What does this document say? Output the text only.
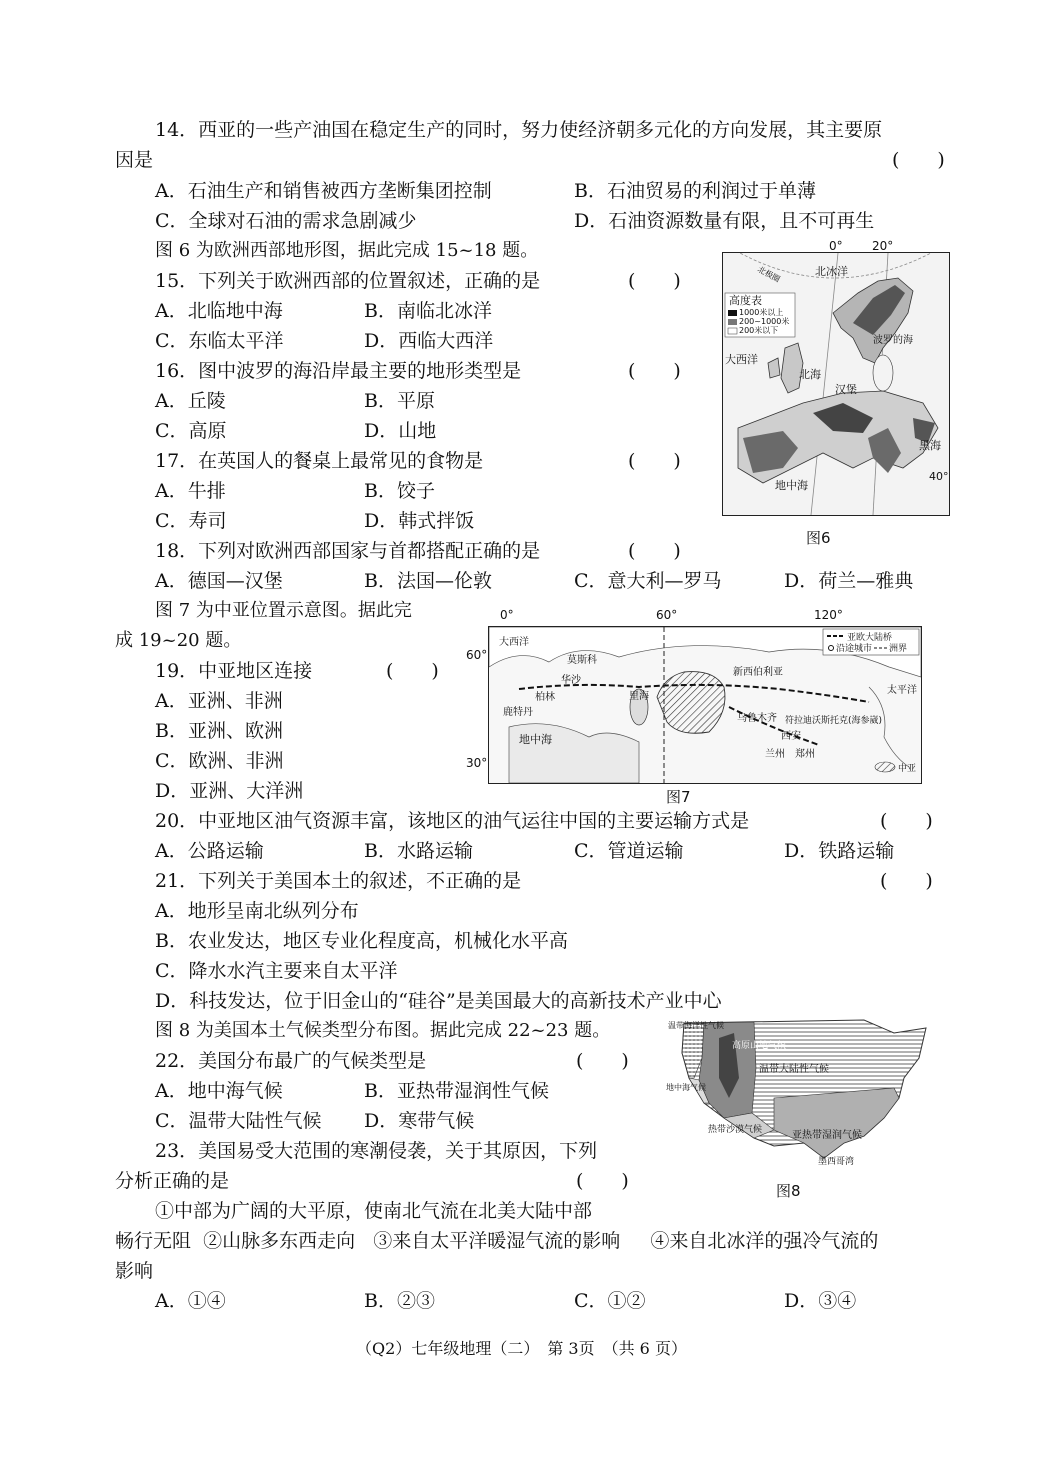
14．西亚的一些产油国在稳定生产的同时，努力使经济朝多元化的方向发展，其主要原
因是	(　　)
A．石油生产和销售被西方垄断集团控制	B．石油贸易的利润过于单薄
C．全球对石油的需求急剧减少	D．石油资源数量有限，且不可再生
图 6 为欧洲西部地形图，据此完成 15~18 题。
15．下列关于欧洲西部的位置叙述，正确的是	(　　)
A．北临地中海	B．南临北冰洋
C．东临太平洋	D．西临大西洋
16．图中波罗的海沿岸最主要的地形类型是	(　　)
A．丘陵	B．平原
C．高原	D．山地
17．在英国人的餐桌上最常见的食物是	(　　)
A．牛排	B．饺子
C．寿司	D．韩式拌饭
18．下列对欧洲西部国家与首都搭配正确的是	(　　)
A．德国—汉堡	B．法国—伦敦	C．意大利—罗马	D．荷兰—雅典
高度表
1000米以上
200~1000米
200米以下
北极圈	北冰洋
大西洋
北海
波罗的海
汉堡
黑海
地中海
40°
图6
0° 20°
图 7 为中亚位置示意图。据此完
成 19~20 题。
19．中亚地区连接	(　　)
A．亚洲、非洲
B．亚洲、欧洲
C．欧洲、非洲
D．亚洲、大洋洲
0°	60°	120°
60°
30°
亚欧大陆桥
沿途城市 洲界
中亚
大西洋
莫斯科
华沙
柏林
鹿特丹
新西伯利亚
乌鲁木齐 符拉迪沃斯托克(海参崴)
里海
地中海	西安
兰州 郑州
太平洋
图7
20．中亚地区油气资源丰富，该地区的油气运往中国的主要运输方式是	(　　)
A．公路运输	B．水路运输	C．管道运输	D．铁路运输
21．下列关于美国本土的叙述，不正确的是	(　　)
A．地形呈南北纵列分布
B．农业发达，地区专业化程度高，机械化水平高
C．降水水汽主要来自太平洋
D．科技发达，位于旧金山的“硅谷”是美国最大的高新技术产业中心
图 8 为美国本土气候类型分布图。据此完成 22~23 题。
22．美国分布最广的气候类型是	(　　)
A．地中海气候	B．亚热带湿润性气候
C．温带大陆性气候 D．寒带气候
23．美国易受大范围的寒潮侵袭，关于其原因，下列
分析正确的是	(　　)
①中部为广阔的大平原，使南北气流在北美大陆中部
畅行无阻  ②山脉多东西走向   ③来自太平洋暖湿气流的影响     ④来自北冰洋的强冷气流的
影响
A．①④	B．②③	C．①②	D．③④
温带海洋性气候
高原山地气候
温带大陆性气候
地中海气候
热带沙漠气候	亚热带湿润气候
墨西哥湾
图8
（Q2）七年级地理（二）　第 3页　（共 6 页）
